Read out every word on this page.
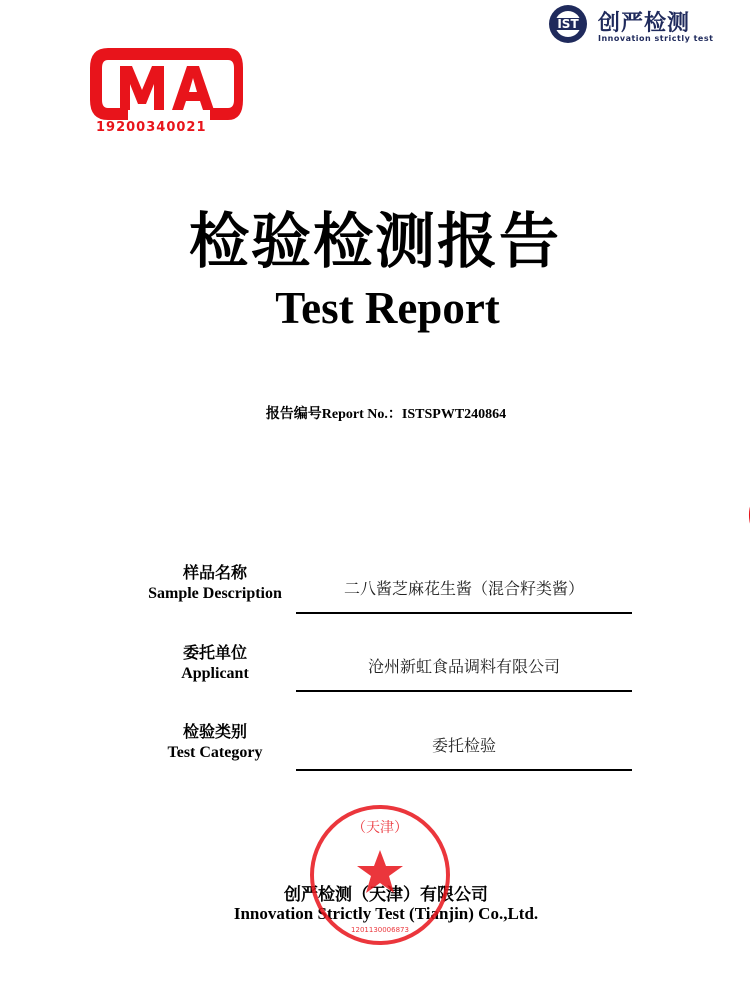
19200340021
IST 创严检测
Innovation strictly test
检验检测报告
Test Report
报告编号Report No.：ISTSPWT240864
样品名称
Sample Description	二八酱芝麻花生酱（混合籽类酱）
委托单位
Applicant	沧州新虹食品调料有限公司
检验类别
Test Category	委托检验
创严检测（天津）有限公司
Innovation Strictly Test (Tianjin) Co.,Ltd.
（天津）
1201130006873
